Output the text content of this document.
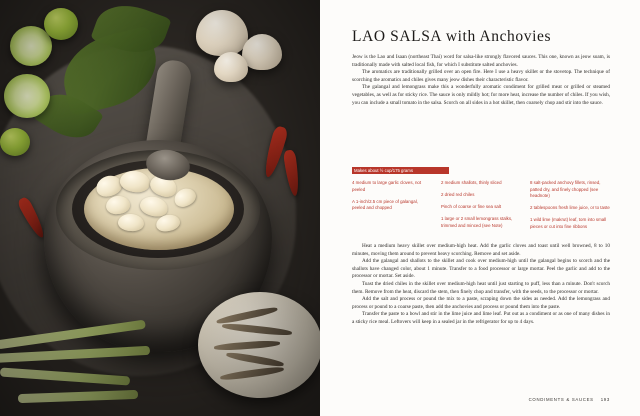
LAO SALSA with Anchovies

Jeow is the Lao and Isaan (northeast Thai) word for salsa-like strongly flavored sauces. This one, known as jeow soam, is traditionally made with salted local fish, for which I substitute salted anchovies.

The aromatics are traditionally grilled over an open fire. Here I use a heavy skillet or the stovetop. The technique of scorching the aromatics and chiles gives many jeow dishes their characteristic flavor.

The galangal and lemongrass make this a wonderfully aromatic condiment for grilled meat or grilled or steamed vegetables, as well as for sticky rice. The sauce is only mildly hot; for more heat, increase the number of chiles. If you wish, you can include a small tomato in the salsa. Scorch on all sides in a hot skillet, then coarsely chop and stir into the sauce.

Makes about ½ cup/175 grams
4 medium to large garlic cloves, not peeled
A 1-inch/2.5 cm piece of galangal, peeled and chopped
2 medium shallots, thinly sliced
2 dried red chiles
Pinch of coarse or fine sea salt
1 large or 2 small lemongrass stalks, trimmed and minced (see Note)
8 salt-packed anchovy fillets, rinsed, patted dry, and finely chopped (see headnote)
2 tablespoons fresh lime juice, or to taste
1 wild lime (makrut) leaf, torn into small pieces or cut into fine ribbons

Heat a medium heavy skillet over medium-high heat. Add the garlic cloves and toast until well browned, 8 to 10 minutes, moving them around to prevent heavy scorching. Remove and set aside.

Add the galangal and shallots to the skillet and cook over medium-high until the galangal begins to scorch and the shallots have changed color, about 1 minute. Transfer to a food processor or large mortar. Peel the garlic and add to the processor or mortar. Set aside.

Toast the dried chiles in the skillet over medium-high heat until just starting to puff, less than a minute. Don't scorch them. Remove from the heat, discard the stem, then finely chop and transfer, with the seeds, to the processor or mortar.

Add the salt and process or pound the mix to a paste, scraping down the sides as needed. Add the lemongrass and process or pound to a coarse paste, then add the anchovies and process or pound them into the paste.

Transfer the paste to a bowl and stir in the lime juice and lime leaf. Put out as a condiment or as one of many dishes in a sticky rice meal. Leftovers will keep in a sealed jar in the refrigerator for up to 4 days.

CONDIMENTS & SAUCES 193
